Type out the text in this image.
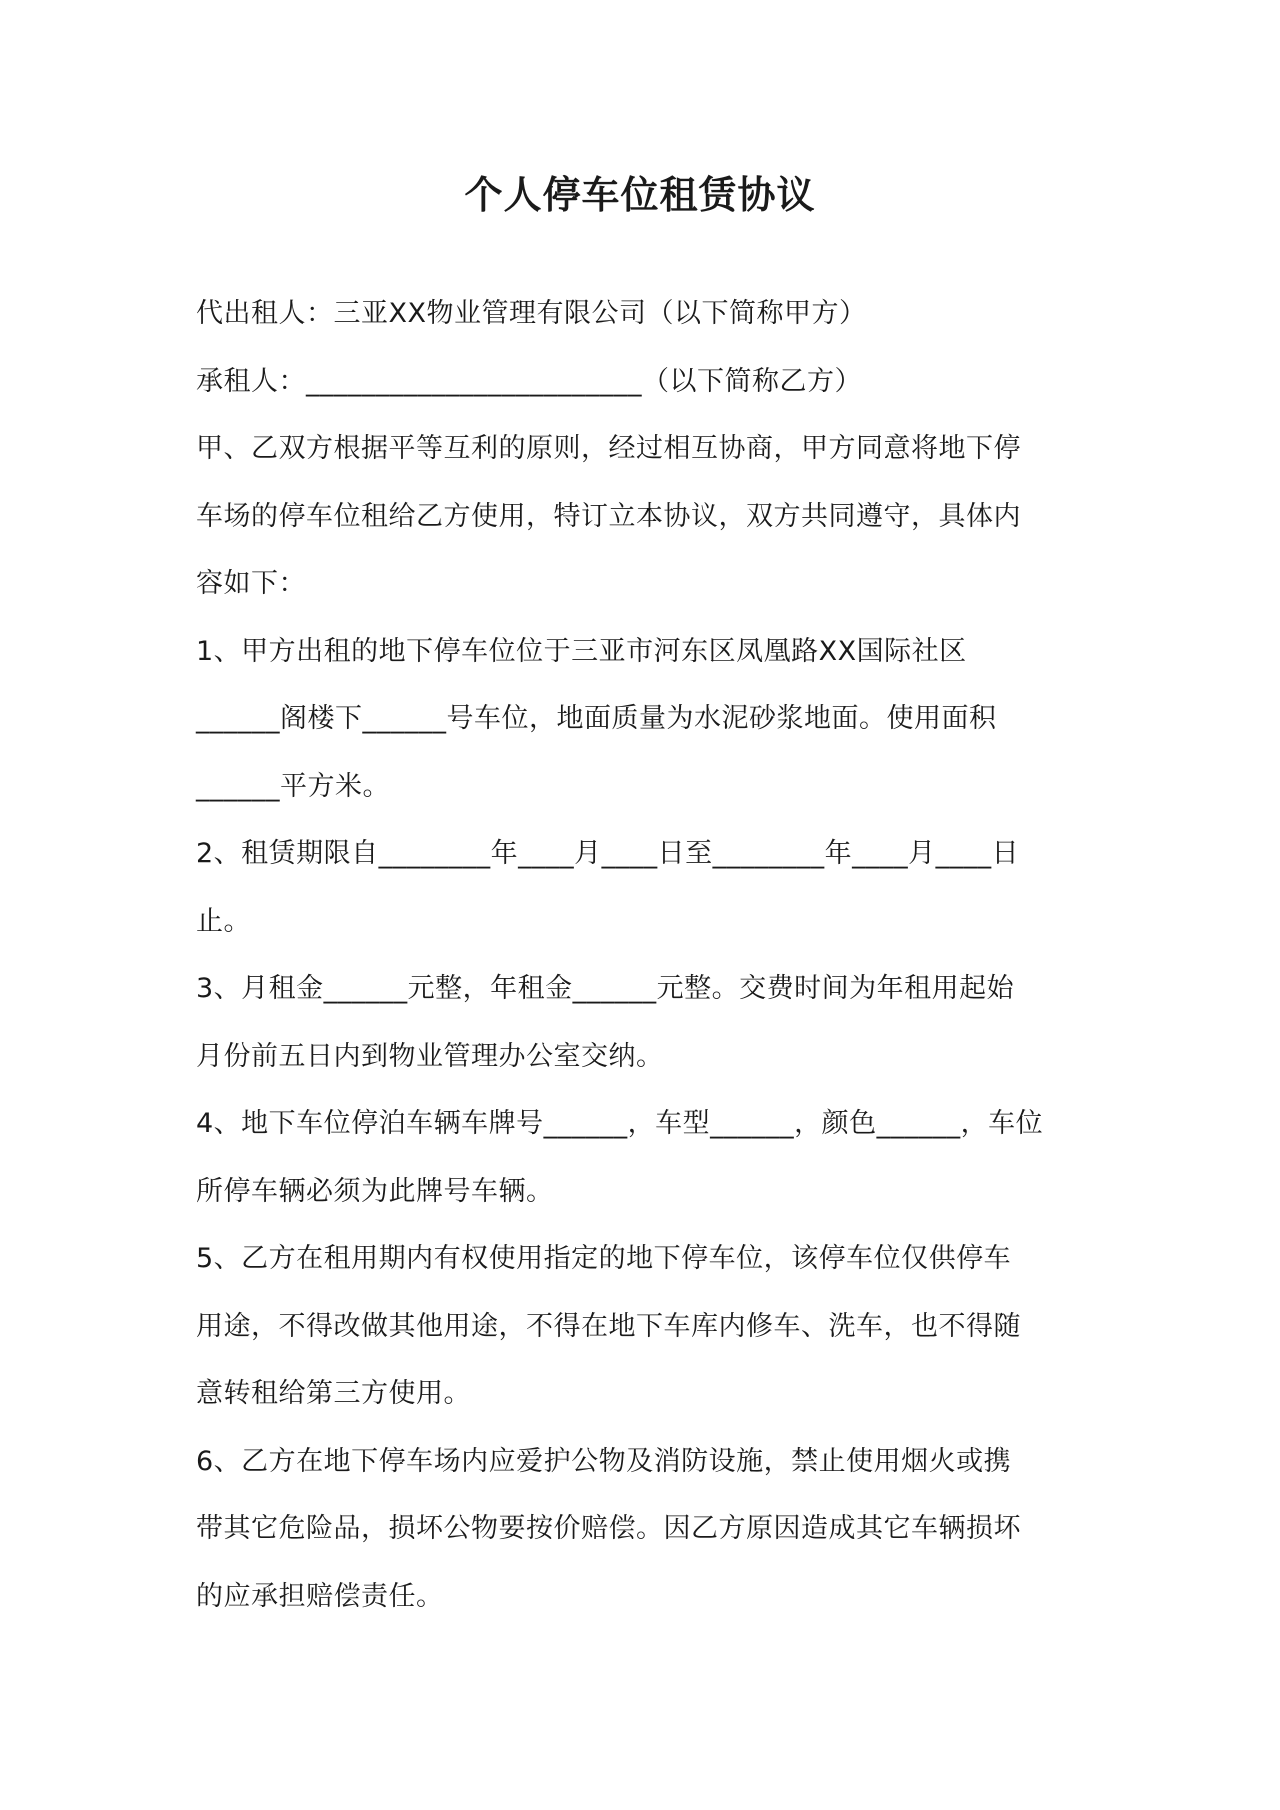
个人停车位租赁协议
代出租人：三亚XX物业管理有限公司（以下简称甲方）
承租人：________________________（以下简称乙方）
甲、乙双方根据平等互利的原则，经过相互协商，甲方同意将地下停
车场的停车位租给乙方使用，特订立本协议，双方共同遵守，具体内
容如下：
1、甲方出租的地下停车位位于三亚市河东区凤凰路XX国际社区
______阁楼下______号车位，地面质量为水泥砂浆地面。使用面积
______平方米。
2、租赁期限自________年____月____日至________年____月____日
止。
3、月租金______元整，年租金______元整。交费时间为年租用起始
月份前五日内到物业管理办公室交纳。
4、地下车位停泊车辆车牌号______，车型______，颜色______，车位
所停车辆必须为此牌号车辆。
5、乙方在租用期内有权使用指定的地下停车位，该停车位仅供停车
用途，不得改做其他用途，不得在地下车库内修车、洗车，也不得随
意转租给第三方使用。
6、乙方在地下停车场内应爱护公物及消防设施，禁止使用烟火或携
带其它危险品，损坏公物要按价赔偿。因乙方原因造成其它车辆损坏
的应承担赔偿责任。
